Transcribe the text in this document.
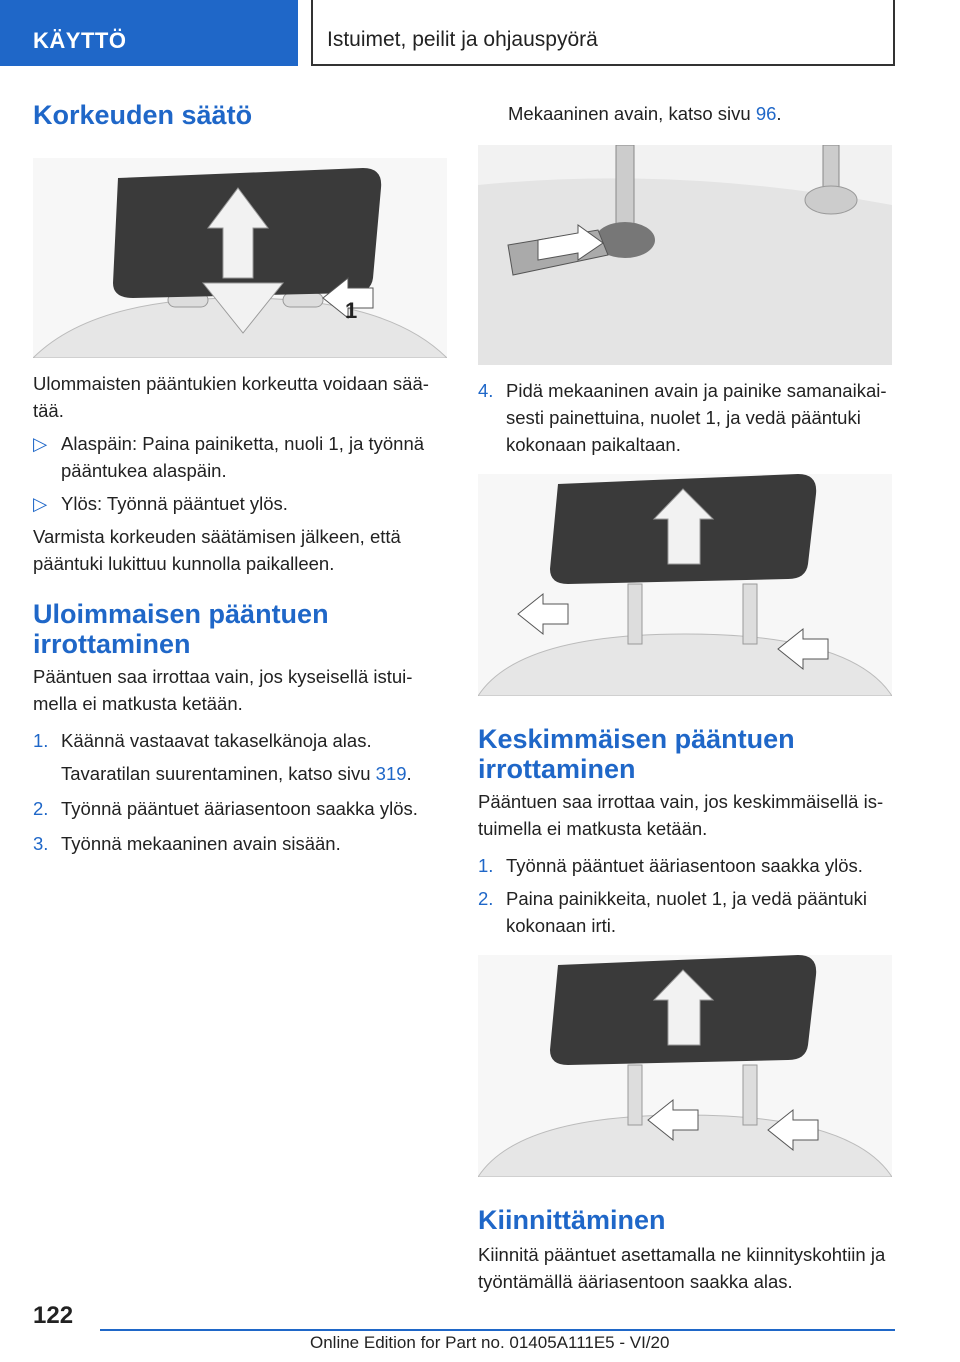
KÄYTTÖ	Istuimet, peilit ja ohjauspyörä
Korkeuden säätö
1

Ulommaisten pääntukien korkeutta voidaan sää-tää.

▷ Alaspäin: Paina painiketta, nuoli 1, ja työnnä pääntukea alaspäin.
▷ Ylös: Työnnä pääntuet ylös.

Varmista korkeuden säätämisen jälkeen, että pääntuki lukittuu kunnolla paikalleen.

Uloimmaisen pääntuen irrottaminen

Pääntuen saa irrottaa vain, jos kyseisellä istui-mella ei matkusta ketään.

1. Käännä vastaavat takaselkänoja alas.
Tavaratilan suurentaminen, katso sivu 319.
2. Työnnä pääntuet ääriasentoon saakka ylös.
3. Työnnä mekaaninen avain sisään.
Mekaaninen avain, katso sivu 96.
4. Pidä mekaaninen avain ja painike samanaikai-sesti painettuina, nuolet 1, ja vedä pääntuki kokonaan paikaltaan.
Keskimmäisen pääntuen irrottaminen

Pääntuen saa irrottaa vain, jos keskimmäisellä is-tuimella ei matkusta ketään.

1. Työnnä pääntuet ääriasentoon saakka ylös.
2. Paina painikkeita, nuolet 1, ja vedä pääntuki kokonaan irti.
Kiinnittäminen

Kiinnitä pääntuet asettamalla ne kiinnityskohtiin ja työntämällä ääriasentoon saakka alas.

122
Online Edition for Part no. 01405A111E5 - VI/20
